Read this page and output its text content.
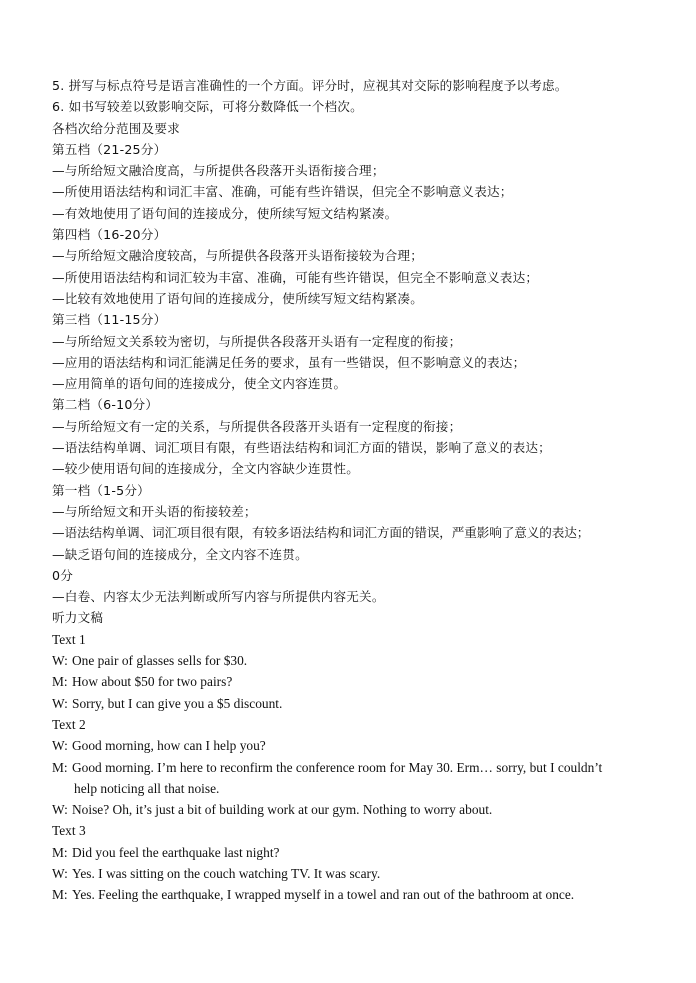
5. 拼写与标点符号是语言准确性的一个方面。评分时，应视其对交际的影响程度予以考虑。
6. 如书写较差以致影响交际，可将分数降低一个档次。
各档次给分范围及要求
第五档（21-25分）
—与所给短文融洽度高，与所提供各段落开头语衔接合理；
—所使用语法结构和词汇丰富、准确，可能有些许错误，但完全不影响意义表达；
—有效地使用了语句间的连接成分，使所续写短文结构紧凑。
第四档（16-20分）
—与所给短文融洽度较高，与所提供各段落开头语衔接较为合理；
—所使用语法结构和词汇较为丰富、准确，可能有些许错误，但完全不影响意义表达；
—比较有效地使用了语句间的连接成分，使所续写短文结构紧凑。
第三档（11-15分）
—与所给短文关系较为密切，与所提供各段落开头语有一定程度的衔接；
—应用的语法结构和词汇能满足任务的要求，虽有一些错误，但不影响意义的表达；
—应用简单的语句间的连接成分，使全文内容连贯。
第二档（6-10分）
—与所给短文有一定的关系，与所提供各段落开头语有一定程度的衔接；
—语法结构单调、词汇项目有限，有些语法结构和词汇方面的错误，影响了意义的表达；
—较少使用语句间的连接成分，全文内容缺少连贯性。
第一档（1-5分）
—与所给短文和开头语的衔接较差；
—语法结构单调、词汇项目很有限，有较多语法结构和词汇方面的错误，严重影响了意义的表达；
—缺乏语句间的连接成分，全文内容不连贯。
0分
—白卷、内容太少无法判断或所写内容与所提供内容无关。
听力文稿
Text 1
W: One pair of glasses sells for $30.
M: How about $50 for two pairs?
W: Sorry, but I can give you a $5 discount.
Text 2
W: Good morning, how can I help you?
M: Good morning. I’m here to reconfirm the conference room for May 30. Erm… sorry, but I couldn’t
help noticing all that noise.
W: Noise? Oh, it’s just a bit of building work at our gym. Nothing to worry about.
Text 3
M: Did you feel the earthquake last night?
W: Yes. I was sitting on the couch watching TV. It was scary.
M: Yes. Feeling the earthquake, I wrapped myself in a towel and ran out of the bathroom at once.
